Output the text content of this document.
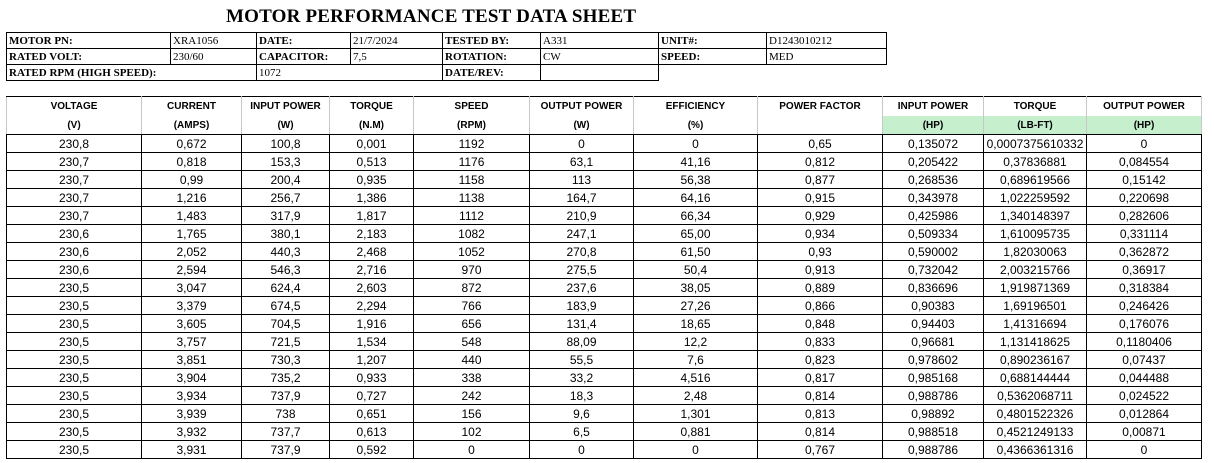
MOTOR PERFORMANCE TEST DATA SHEET
MOTOR PN:	XRA1056	DATE:	21/7/2024	TESTED BY:	A331	UNIT#:	D1243010212
RATED VOLT:	230/60	CAPACITOR:	7,5	ROTATION:	CW	SPEED:	MED
RATED RPM (HIGH SPEED):		1072		DATE/REV:			
VOLTAGE	CURRENT	INPUT POWER	TORQUE	SPEED	OUTPUT POWER	EFFICIENCY	POWER FACTOR	INPUT POWER	TORQUE	OUTPUT POWER
(V)	(AMPS)	(W)	(N.M)	(RPM)	(W)	(%)		(HP)	(LB-FT)	(HP)
230,8	0,672	100,8	0,001	1192	0	0	0,65	0,135072	0,0007375610332	0
230,7	0,818	153,3	0,513	1176	63,1	41,16	0,812	0,205422	0,37836881	0,084554
230,7	0,99	200,4	0,935	1158	113	56,38	0,877	0,268536	0,689619566	0,15142
230,7	1,216	256,7	1,386	1138	164,7	64,16	0,915	0,343978	1,022259592	0,220698
230,7	1,483	317,9	1,817	1112	210,9	66,34	0,929	0,425986	1,340148397	0,282606
230,6	1,765	380,1	2,183	1082	247,1	65,00	0,934	0,509334	1,610095735	0,331114
230,6	2,052	440,3	2,468	1052	270,8	61,50	0,93	0,590002	1,82030063	0,362872
230,6	2,594	546,3	2,716	970	275,5	50,4	0,913	0,732042	2,003215766	0,36917
230,5	3,047	624,4	2,603	872	237,6	38,05	0,889	0,836696	1,919871369	0,318384
230,5	3,379	674,5	2,294	766	183,9	27,26	0,866	0,90383	1,69196501	0,246426
230,5	3,605	704,5	1,916	656	131,4	18,65	0,848	0,94403	1,41316694	0,176076
230,5	3,757	721,5	1,534	548	88,09	12,2	0,833	0,96681	1,131418625	0,1180406
230,5	3,851	730,3	1,207	440	55,5	7,6	0,823	0,978602	0,890236167	0,07437
230,5	3,904	735,2	0,933	338	33,2	4,516	0,817	0,985168	0,688144444	0,044488
230,5	3,934	737,9	0,727	242	18,3	2,48	0,814	0,988786	0,5362068711	0,024522
230,5	3,939	738	0,651	156	9,6	1,301	0,813	0,98892	0,4801522326	0,012864
230,5	3,932	737,7	0,613	102	6,5	0,881	0,814	0,988518	0,4521249133	0,00871
230,5	3,931	737,9	0,592	0	0	0	0,767	0,988786	0,4366361316	0
